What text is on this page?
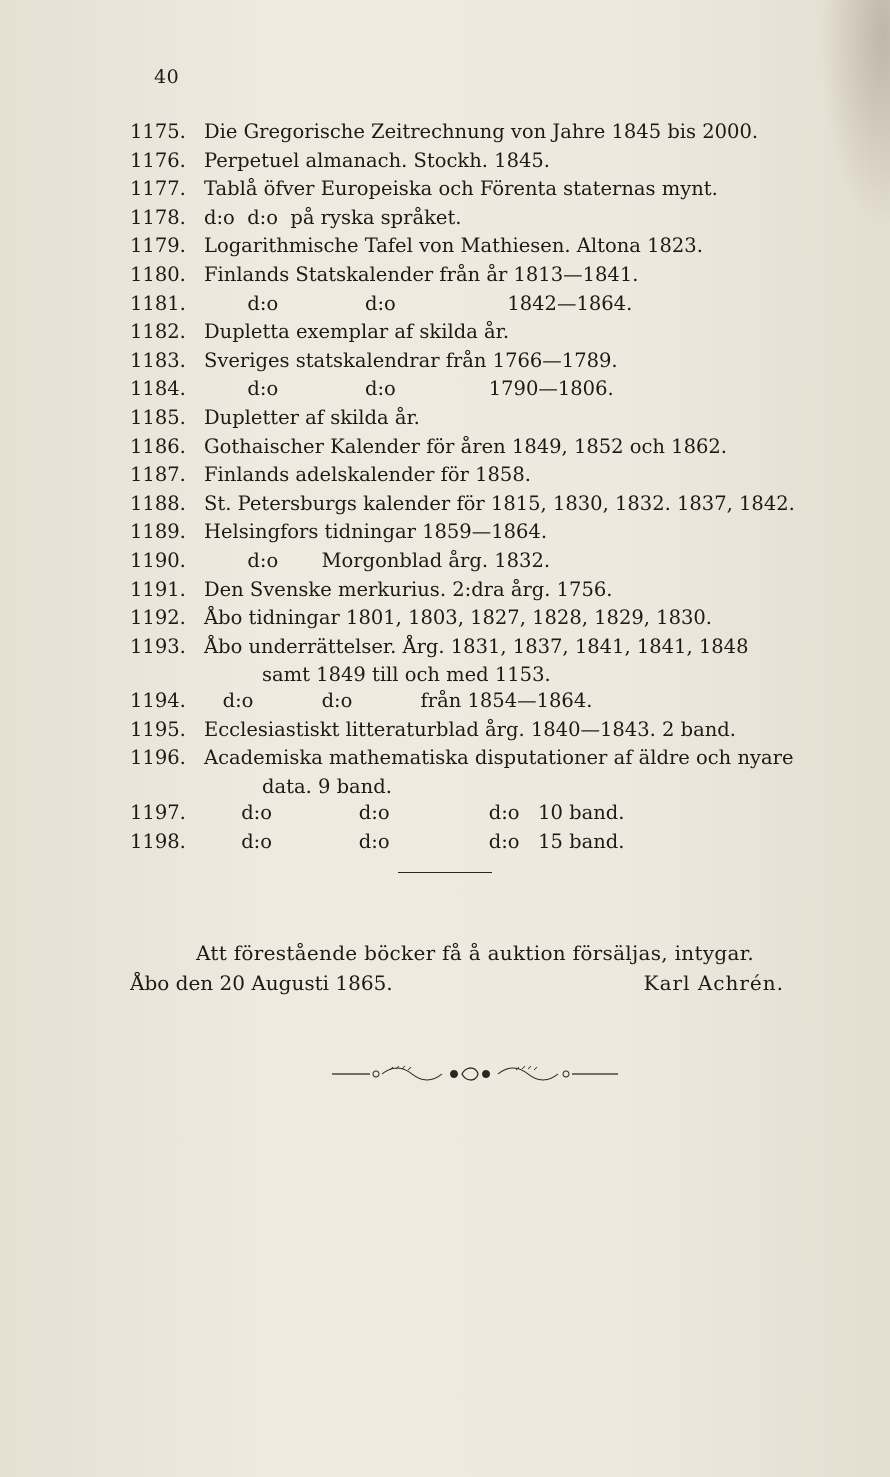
40
1175. Die Gregorische Zeitrechnung von Jahre 1845 bis 2000.
1176. Perpetuel almanach. Stockh. 1845.
1177. Tablå öfver Europeiska och Förenta staternas mynt.
1178. d:o  d:o  på ryska språket.
1179. Logarithmische Tafel von Mathiesen. Altona 1823.
1180. Finlands Statskalender från år 1813—1841.
1181. d:o              d:o                  1842—1864.
1182. Dupletta exemplar af skilda år.
1183. Sveriges statskalendrar från 1766—1789.
1184. d:o              d:o               1790—1806.
1185. Dupletter af skilda år.
1186. Gothaischer Kalender för åren 1849, 1852 och 1862.
1187. Finlands adelskalender för 1858.
1188. St. Petersburgs kalender för 1815, 1830, 1832. 1837, 1842.
1189. Helsingfors tidningar 1859—1864.
1190. d:o       Morgonblad årg. 1832.
1191. Den Svenske merkurius. 2:dra årg. 1756.
1192. Åbo tidningar 1801, 1803, 1827, 1828, 1829, 1830.
1193. Åbo underrättelser. Årg. 1831, 1837, 1841, 1841, 1848
samt 1849 till och med 1153.
1194. d:o           d:o           från 1854—1864.
1195. Ecclesiastiskt litteraturblad årg. 1840—1843. 2 band.
1196. Academiska mathematiska disputationer af äldre och nyare
data. 9 band.
1197. d:o              d:o                d:o   10 band.
1198. d:o              d:o                d:o   15 band.
Att förestående böcker få å auktion försäljas, intygar.
Åbo den 20 Augusti 1865.	Karl Achrén.
